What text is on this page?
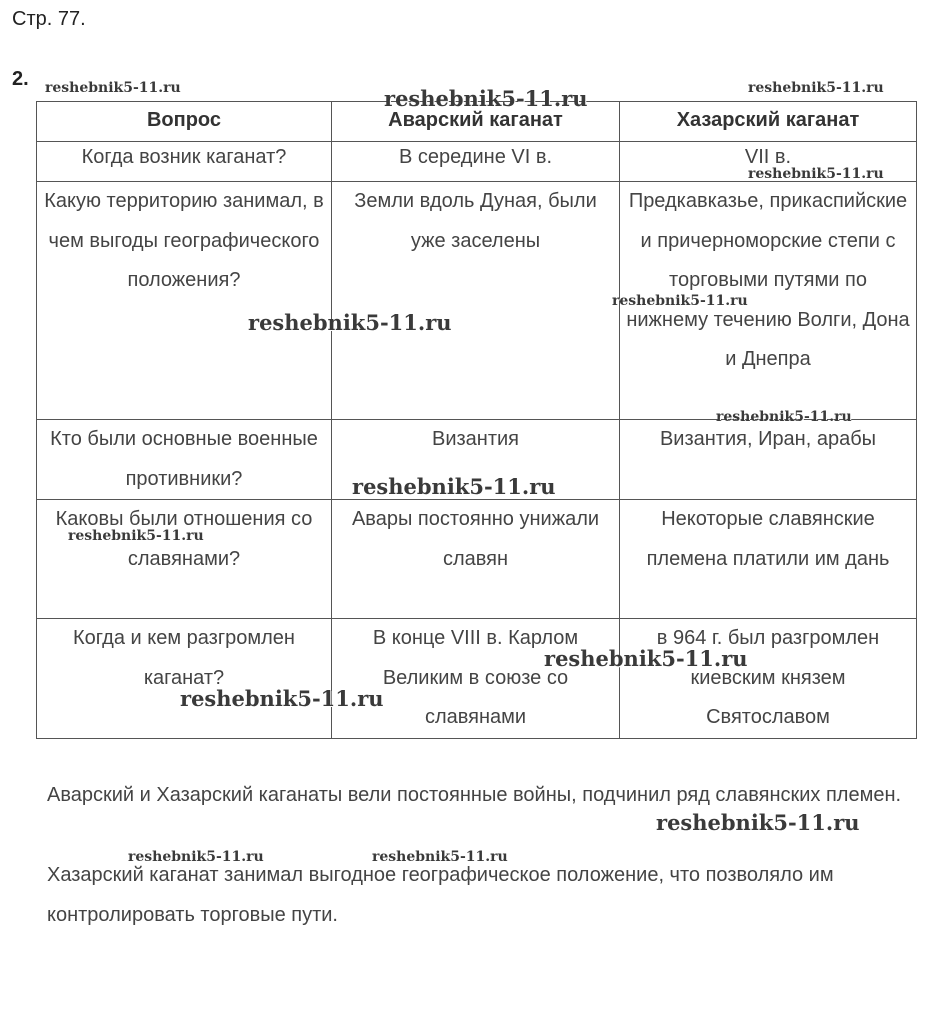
Стр. 77.
2.
Вопрос	Аварский каганат	Хазарский каганат
Когда возник каганат?	В середине VI в.	VII в.
Какую территорию занимал, в чем выгоды географического положения?	Земли вдоль Дуная, были уже заселены	Предкавказье, прикаспийские и причерноморские степи с торговыми путями по нижнему течению Волги, Дона и Днепра
Кто были основные военные противники?	Византия	Византия, Иран, арабы
Каковы были отношения со славянами?	Авары постоянно унижали славян	Некоторые славянские племена платили им дань
Когда и кем разгромлен каганат?	В конце VIII в. Карлом Великим в союзе со славянами	в 964 г. был разгромлен киевским князем Святославом

Аварский и Хазарский каганаты вели постоянные войны, подчинил ряд славянских племен.

Хазарский каганат занимал выгодное географическое положение, что позволяло им контролировать торговые пути.

reshebnik5-11.ru	reshebnik5-11.ru	reshebnik5-11.ru
reshebnik5-11.ru
reshebnik5-11.ru
reshebnik5-11.ru
reshebnik5-11.ru
reshebnik5-11.ru
reshebnik5-11.ru
reshebnik5-11.ru
reshebnik5-11.ru
reshebnik5-11.ru
reshebnik5-11.ru	reshebnik5-11.ru
